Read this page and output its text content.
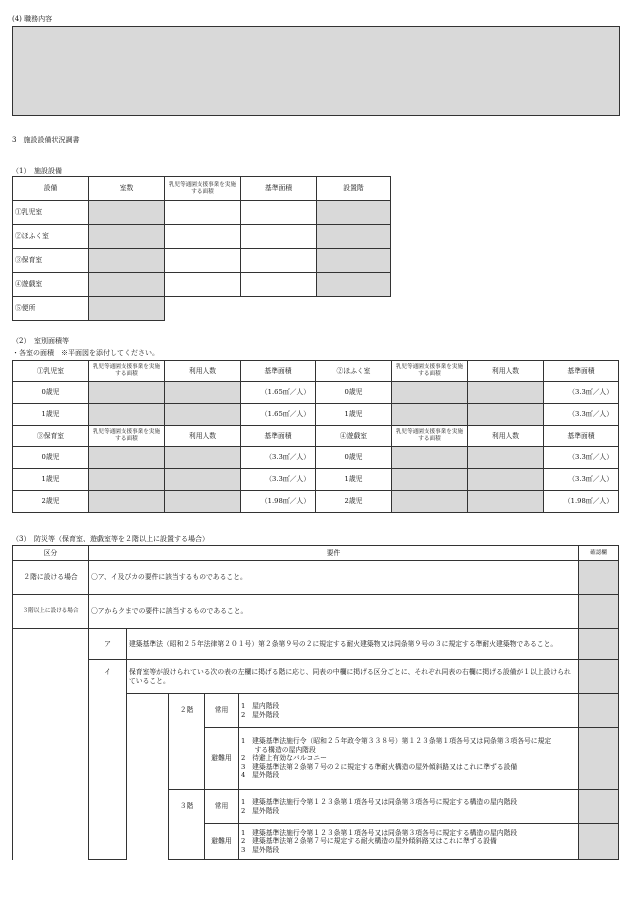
(4) 職務内容
3　施設設備状況調書
（1）　施設設備
設備	室数	乳児等通園支援事業を実施する面積	基準面積	設置階
①乳児室				
②ほふく室				
③保育室				
④遊戯室				
⑤便所				
（2）　室別面積等
・各室の面積　※平面図を添付してください。
①乳児室	乳児等通園支援事業を実施する面積	利用人数	基準面積	②ほふく室	乳児等通園支援事業を実施する面積	利用人数	基準面積
0歳児			（1.65㎡／人）	0歳児			（3.3㎡／人）
1歳児			（1.65㎡／人）	1歳児			（3.3㎡／人）
③保育室	乳児等通園支援事業を実施する面積	利用人数	基準面積	④遊戯室	乳児等通園支援事業を実施する面積	利用人数	基準面積
0歳児			（3.3㎡／人）	0歳児			（3.3㎡／人）
1歳児			（3.3㎡／人）	1歳児			（3.3㎡／人）
2歳児			（1.98㎡／人）	2歳児			（1.98㎡／人）
（3）　防災等（保育室、遊戯室等を２階以上に設置する場合）
区分	要件					確認欄
２階に設ける場合	〇ア、イ及びカの要件に該当するものであること。					
３階以上に設ける場合	〇アからクまでの要件に該当するものであること。					
	ア	建築基準法（昭和２５年法律第２０１号）第２条第９号の２に規定する耐火建築物又は同条第９号の３に規定する準耐火建築物であること。				
	イ	保育室等が設けられている次の表の左欄に掲げる階に応じ、同表の中欄に掲げる区分ごとに、それぞれ同表の右欄に掲げる設備が１以上設けられていること。				
			２階	常用	1　屋内階段
2　屋外階段	

				避難用	1　建築基準法施行令（昭和２５年政令第３３８号）第１２３条第１項各号又は同条第３項各号に規定
　　する構造の屋内階段
2　待避上有効なバルコニー
3　建築基準法第２条第７号の２に規定する準耐火構造の屋外傾斜路又はこれに準ずる設備
4　屋外階段	

			３階	常用	1　建築基準法施行令第１２３条第１項各号又は同条第３項各号に規定する構造の屋内階段
2　屋外階段	

				避難用	1　建築基準法施行令第１２３条第１項各号又は同条第３項各号に規定する構造の屋内階段
2　建築基準法第２条第７号に規定する耐火構造の屋外傾斜路又はこれに準ずる設備
3　屋外階段	
